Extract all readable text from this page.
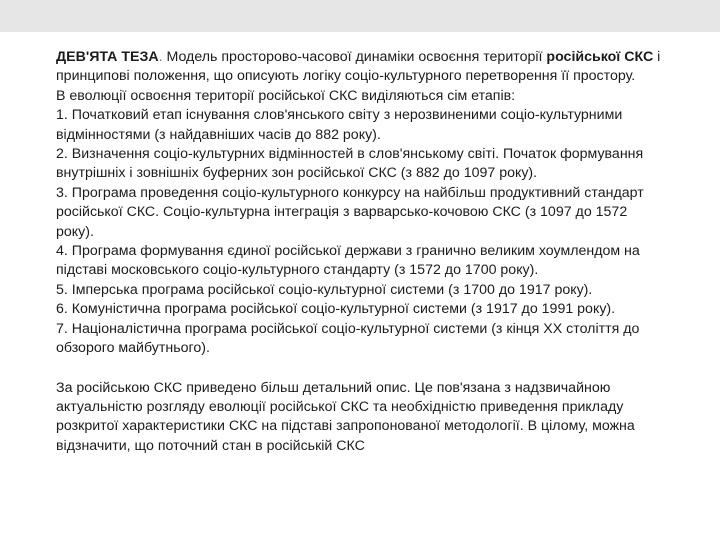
ДЕВ'ЯТА ТЕЗА. Модель просторово-часової динаміки освоєння території російської СКС і принципові положення, що описують логіку соціо-культурного перетворення її простору.

В еволюції освоєння території російської СКС виділяються сім етапів:

1. Початковий етап існування слов'янського світу з нерозвиненими соціо-культурними відмінностями (з найдавніших часів до 882 року).
2. Визначення соціо-культурних відмінностей в слов'янському світі. Початок формування внутрішніх і зовнішніх буферних зон російської СКС (з 882 до 1097 року).
3. Програма проведення соціо-культурного конкурсу на найбільш продуктивний стандарт російської СКС. Соціо-культурна інтеграція з варварсько-кочовою СКС (з 1097 до 1572 року).
4. Програма формування єдиної російської держави з гранично великим хоумлендом на підставі московського соціо-культурного стандарту (з 1572 до 1700 року).
5. Імперська програма російської соціо-культурної системи (з 1700 до 1917 року).
6. Комуністична програма російської соціо-культурної системи (з 1917 до 1991 року).
7. Націоналістична програма російської соціо-культурної системи (з кінця XX століття до обзорого майбутнього).

За російською СКС приведено більш детальний опис. Це пов'язана з надзвичайною актуальністю розгляду еволюції російської СКС та необхідністю приведення прикладу розкритої характеристики СКС на підставі запропонованої методології. В цілому, можна відзначити, що поточний стан в російській СКС
